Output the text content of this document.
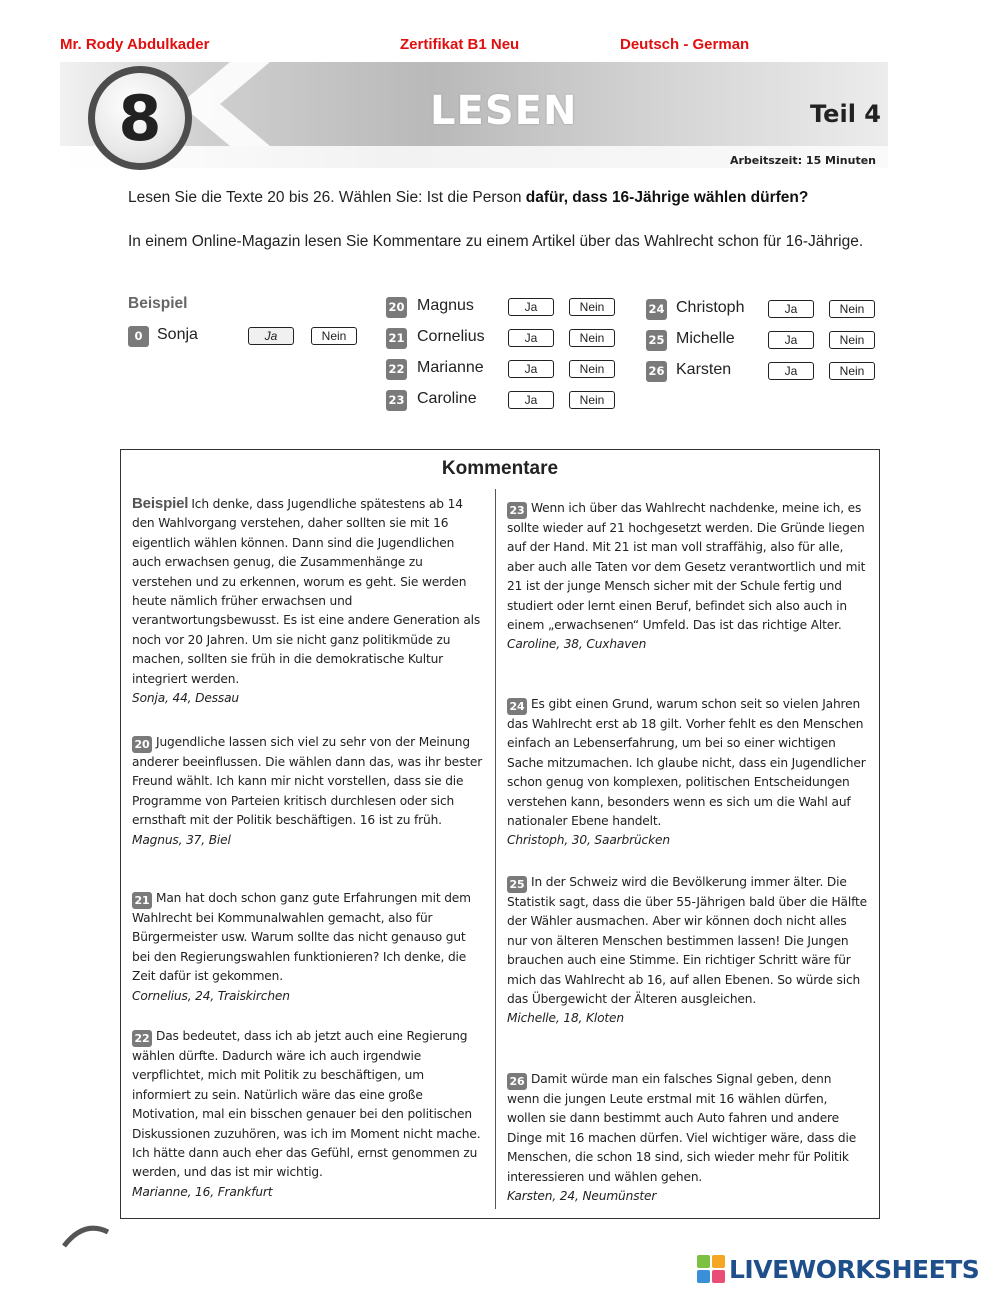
Mr. Rody Abdulkader	Zertifikat B1 Neu	Deutsch - German
8	LESEN	Teil 4
Arbeitszeit: 15 Minuten
Lesen Sie die Texte 20 bis 26. Wählen Sie: Ist die Person dafür, dass 16-Jährige wählen dürfen?
In einem Online-Magazin lesen Sie Kommentare zu einem Artikel über das Wahlrecht schon für 16-Jährige.
Beispiel
0 Sonja	Ja	Nein
20 Magnus	Ja	Nein
21 Cornelius	Ja	Nein
22 Marianne	Ja	Nein
23 Caroline	Ja	Nein
24 Christoph	Ja	Nein
25 Michelle	Ja	Nein
26 Karsten	Ja	Nein
Kommentare
Beispiel Ich denke, dass Jugendliche spätestens ab 14 den Wahlvorgang verstehen, daher sollten sie mit 16 eigentlich wählen können. Dann sind die Jugendlichen auch erwachsen genug, die Zusammenhänge zu verstehen und zu erkennen, worum es geht. Sie werden heute nämlich früher erwachsen und verantwortungsbewusst. Es ist eine andere Generation als noch vor 20 Jahren. Um sie nicht ganz politikmüde zu machen, sollten sie früh in die demokratische Kultur integriert werden.
Sonja, 44, Dessau
20 Jugendliche lassen sich viel zu sehr von der Meinung anderer beeinflussen. Die wählen dann das, was ihr bester Freund wählt. Ich kann mir nicht vorstellen, dass sie die Programme von Parteien kritisch durchlesen oder sich ernsthaft mit der Politik beschäftigen. 16 ist zu früh.
Magnus, 37, Biel
21 Man hat doch schon ganz gute Erfahrungen mit dem Wahlrecht bei Kommunalwahlen gemacht, also für Bürgermeister usw. Warum sollte das nicht genauso gut bei den Regierungswahlen funktionieren? Ich denke, die Zeit dafür ist gekommen.
Cornelius, 24, Traiskirchen
22 Das bedeutet, dass ich ab jetzt auch eine Regierung wählen dürfte. Dadurch wäre ich auch irgendwie verpflichtet, mich mit Politik zu beschäftigen, um informiert zu sein. Natürlich wäre das eine große Motivation, mal ein bisschen genauer bei den politischen Diskussionen zuzuhören, was ich im Moment nicht mache. Ich hätte dann auch eher das Gefühl, ernst genommen zu werden, und das ist mir wichtig.
Marianne, 16, Frankfurt
23 Wenn ich über das Wahlrecht nachdenke, meine ich, es sollte wieder auf 21 hochgesetzt werden. Die Gründe liegen auf der Hand. Mit 21 ist man voll straffähig, also für alle, aber auch alle Taten vor dem Gesetz verantwortlich und mit 21 ist der junge Mensch sicher mit der Schule fertig und studiert oder lernt einen Beruf, befindet sich also auch in einem „erwachsenen“ Umfeld. Das ist das richtige Alter.
Caroline, 38, Cuxhaven
24 Es gibt einen Grund, warum schon seit so vielen Jahren das Wahlrecht erst ab 18 gilt. Vorher fehlt es den Menschen einfach an Lebenserfahrung, um bei so einer wichtigen Sache mitzumachen. Ich glaube nicht, dass ein Jugendlicher schon genug von komplexen, politischen Entscheidungen verstehen kann, besonders wenn es sich um die Wahl auf nationaler Ebene handelt.
Christoph, 30, Saarbrücken
25 In der Schweiz wird die Bevölkerung immer älter. Die Statistik sagt, dass die über 55-Jährigen bald über die Hälfte der Wähler ausmachen. Aber wir können doch nicht alles nur von älteren Menschen bestimmen lassen! Die Jungen brauchen auch eine Stimme. Ein richtiger Schritt wäre für mich das Wahlrecht ab 16, auf allen Ebenen. So würde sich das Übergewicht der Älteren ausgleichen.
Michelle, 18, Kloten
26 Damit würde man ein falsches Signal geben, denn wenn die jungen Leute erstmal mit 16 wählen dürfen, wollen sie dann bestimmt auch Auto fahren und andere Dinge mit 16 machen dürfen. Viel wichtiger wäre, dass die Menschen, die schon 18 sind, sich wieder mehr für Politik interessieren und wählen gehen.
Karsten, 24, Neumünster
LIVEWORKSHEETS
